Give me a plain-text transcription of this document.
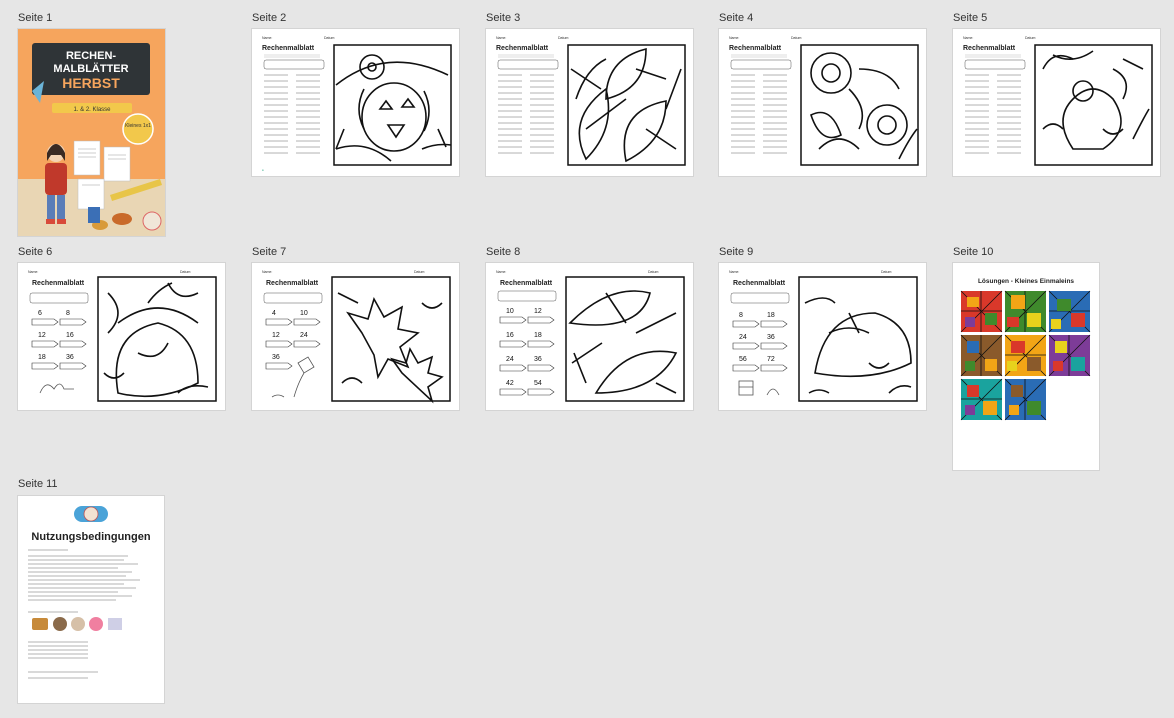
Seite 1	Seite 2	Seite 3	Seite 4	Seite 5
Seite 6	Seite 7	Seite 8	Seite 9	Seite 10
Seite 11
RECHEN-
MALBLÄTTER
HERBST
1. & 2. Klasse
Kleines 1x1
Name:	Datum:
Rechenmalblatt
●
Name:	Datum:
Rechenmalblatt
Name:	Datum:
Rechenmalblatt
Name:	Datum:
Rechenmalblatt
Name:	Datum:
Rechenmalblatt
6	8
12	16
18	36
Name:	Datum:
Rechenmalblatt
4	10
12	24
36
Name:	Datum:
Rechenmalblatt
10	12
16	18
24	36
42	54
Name:	Datum:
Rechenmalblatt
8	18
24	36
56	72
Lösungen - Kleines Einmaleins
Nutzungsbedingungen
